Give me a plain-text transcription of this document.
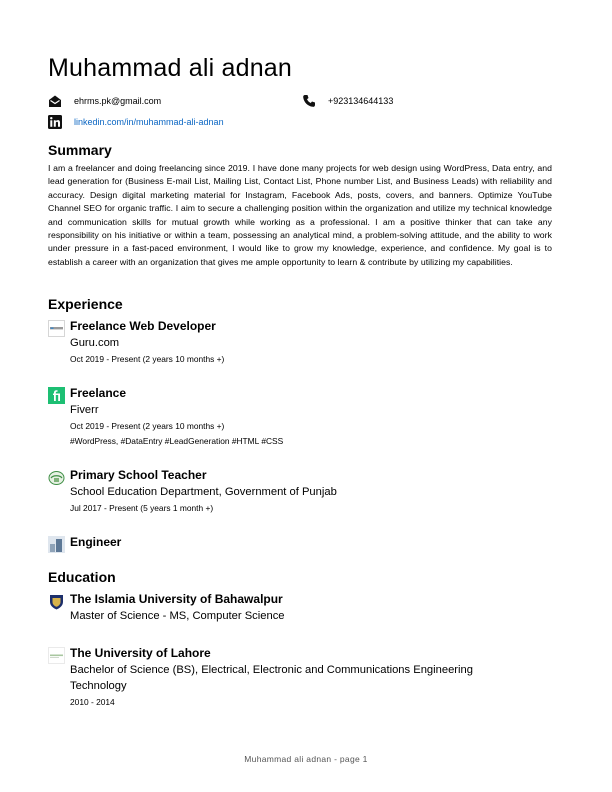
Muhammad ali adnan
ehrms.pk@gmail.com	+923134644133
linkedin.com/in/muhammad-ali-adnan
Summary

I am a freelancer and doing freelancing since 2019. I have done many projects for web design using WordPress, Data entry, and lead generation for (Business E-mail List, Mailing List, Contact List, Phone number List, and Business Leads) with reliability and accuracy. Design digital marketing material for Instagram, Facebook Ads, posts, covers, and banners. Optimize YouTube Channel SEO for organic traffic. I aim to secure a challenging position within the organization and utilize my technical knowledge and communication skills for mutual growth while working as a professional. I am a positive thinker that can take any responsibility on his initiative or within a team, possessing an analytical mind, a problem-solving attitude, and the ability to work under pressure in a fast-paced environment, I would like to grow my knowledge, experience, and confidence. My goal is to establish a career with an organization that gives me ample opportunity to learn & contribute by utilizing my capabilities.

Experience
Freelance Web Developer
Guru.com
Oct 2019 - Present (2 years 10 months +)
Freelance
Fiverr
Oct 2019 - Present (2 years 10 months +)
#WordPress, #DataEntry #LeadGeneration #HTML #CSS
Primary School Teacher
School Education Department, Government of Punjab
Jul 2017 - Present (5 years 1 month +)
Engineer
Education
The Islamia University of Bahawalpur
Master of Science - MS, Computer Science
The University of Lahore
Bachelor of Science (BS), Electrical, Electronic and Communications Engineering Technology
2010 - 2014
Muhammad ali adnan - page 1
